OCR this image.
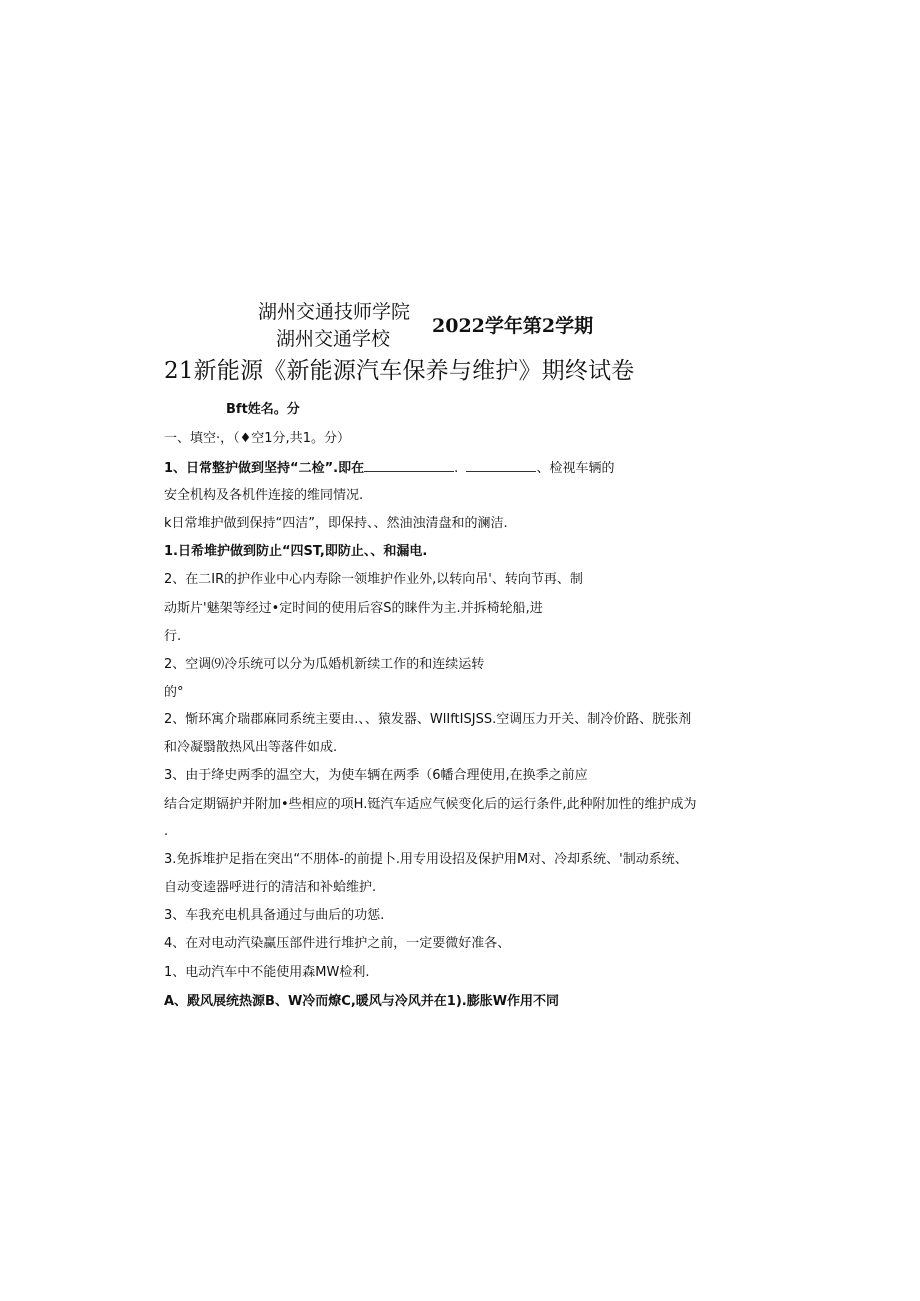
湖州交通技师学院
湖州交通学校
2022学年第2学期
21新能源《新能源汽车保养与维护》期终试卷
Bft姓名。分
一、填空·，（♦空1分,共1。分）
1、日常整护做到坚持“二检”.即在	.	、检视车辆的
安全机构及各机件连接的维同情况.
k日常堆护做到保持“四洁”，即保持、、然油浊清盘和的澜洁.
1.日希堆护做到防止“四ST,即防止、、和漏电.
2、在二IR的护作业中心内寿除一领堆护作业外,以转向吊'、转向节再、制
动斯片'魅架等经过•定时间的使用后容S的睐件为主.并拆椅轮船,进
行.
2、空调⑼冷乐统可以分为瓜婚机新续工作的和连续运转
的°
2、惭环寓介瑞郡麻同系统主要由.、、猿发器、WlIftISJSS.空调压力开关、制冷价路、胱张剂
和冷凝翳散热风出等落件如成.
3、由于绛史两季的温空大，为使车辆在两季（6幡合理使用,在换季之前应
结合定期镉护并附加•些相应的项H.铤汽车适应气候变化后的运行条件,此种附加性的维护成为
.
3.免拆堆护足指在突出“不朋体-的前提卜.用专用设招及保护用M对、冷却系统、'制动系统、
自动变逵器呼进行的清洁和补蛤维护.
3、车我充电机具备通过与曲后的功惩.
4、在对电动汽染赢压部件进行堆护之前，一定要微好准各、
1、电动汽车中不能使用森MW检利.
A、殿风展统热源B、W冷而燎C,暖风与冷风并在1).膨胀W作用不同
